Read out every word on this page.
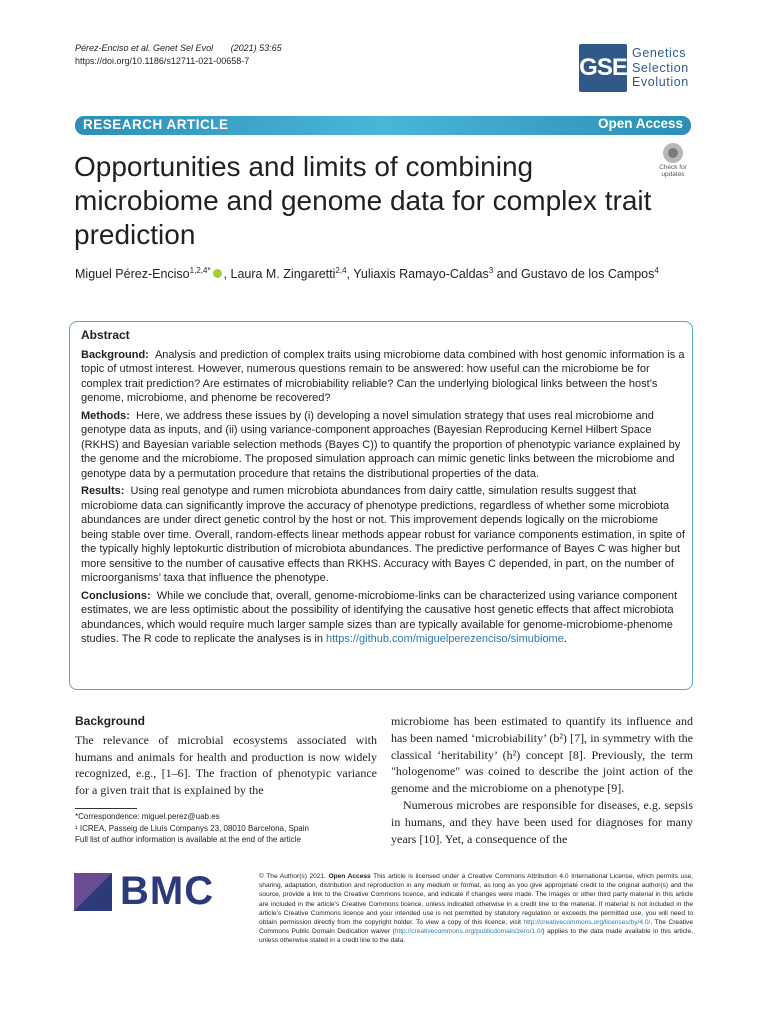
Pérez-Enciso et al. Genet Sel Evol (2021) 53:65
https://doi.org/10.1186/s12711-021-00658-7	GSE
Genetics
Selection
Evolution
RESEARCH ARTICLE	Open Access
Opportunities and limits of combining microbiome and genome data for complex trait prediction
Check for updates
Miguel Pérez-Enciso$^{1,2,4*}$ , Laura M. Zingaretti$^{2,4}$, Yuliaxis Ramayo-Caldas$^3$ and Gustavo de los Campos$^4$
Abstract

Background: Analysis and prediction of complex traits using microbiome data combined with host genomic information is a topic of utmost interest. However, numerous questions remain to be answered: how useful can the microbiome be for complex trait prediction? Are estimates of microbiability reliable? Can the underlying biological links between the host’s genome, microbiome, and phenome be recovered?

Methods: Here, we address these issues by (i) developing a novel simulation strategy that uses real microbiome and genotype data as inputs, and (ii) using variance-component approaches (Bayesian Reproducing Kernel Hilbert Space (RKHS) and Bayesian variable selection methods (Bayes C)) to quantify the proportion of phenotypic variance explained by the genome and the microbiome. The proposed simulation approach can mimic genetic links between the microbiome and genotype data by a permutation procedure that retains the distributional properties of the data.

Results: Using real genotype and rumen microbiota abundances from dairy cattle, simulation results suggest that microbiome data can significantly improve the accuracy of phenotype predictions, regardless of whether some microbiota abundances are under direct genetic control by the host or not. This improvement depends logically on the microbiome being stable over time. Overall, random-effects linear methods appear robust for variance components estimation, in spite of the typically highly leptokurtic distribution of microbiota abundances. The predictive performance of Bayes C was higher but more sensitive to the number of causative effects than RKHS. Accuracy with Bayes C depended, in part, on the number of microorganisms’ taxa that influence the phenotype.

Conclusions: While we conclude that, overall, genome-microbiome-links can be characterized using variance component estimates, we are less optimistic about the possibility of identifying the causative host genetic effects that affect microbiota abundances, which would require much larger sample sizes than are typically available for genome-microbiome-phenome studies. The R code to replicate the analyses is in https://github.com/miguelperezenciso/simubiome.

Background
The relevance of microbial ecosystems associated with humans and animals for health and production is now widely recognized, e.g., [1–6]. The fraction of phenotypic variance for a given trait that is explained by the

microbiome has been estimated to quantify its influence and has been named ‘microbiability’ (b²) [7], in symmetry with the classical ‘heritability’ (h²) concept [8]. Previously, the term "hologenome" was coined to describe the joint action of the genome and the microbiome on a phenotype [9].

Numerous microbes are responsible for diseases, e.g. sepsis in humans, and they have been used for diagnoses for many years [10]. Yet, a consequence of the

*Correspondence: miguel.perez@uab.es
¹ ICREA, Passeig de Lluís Companys 23, 08010 Barcelona, Spain
Full list of author information is available at the end of the article
BMC	© The Author(s) 2021. Open Access This article is licensed under a Creative Commons Attribution 4.0 International License, which permits use, sharing, adaptation, distribution and reproduction in any medium or format, as long as you give appropriate credit to the original author(s) and the source, provide a link to the Creative Commons licence, and indicate if changes were made. The images or other third party material in this article are included in the article’s Creative Commons licence, unless indicated otherwise in a credit line to the material. If material is not included in the article’s Creative Commons licence and your intended use is not permitted by statutory regulation or exceeds the permitted use, you will need to obtain permission directly from the copyright holder. To view a copy of this licence, visit http://creativecommons.org/licenses/by/4.0/. The Creative Commons Public Domain Dedication waiver (http://creativecommons.org/publicdomain/zero/1.0/) applies to the data made available in this article, unless otherwise stated in a credit line to the data.
